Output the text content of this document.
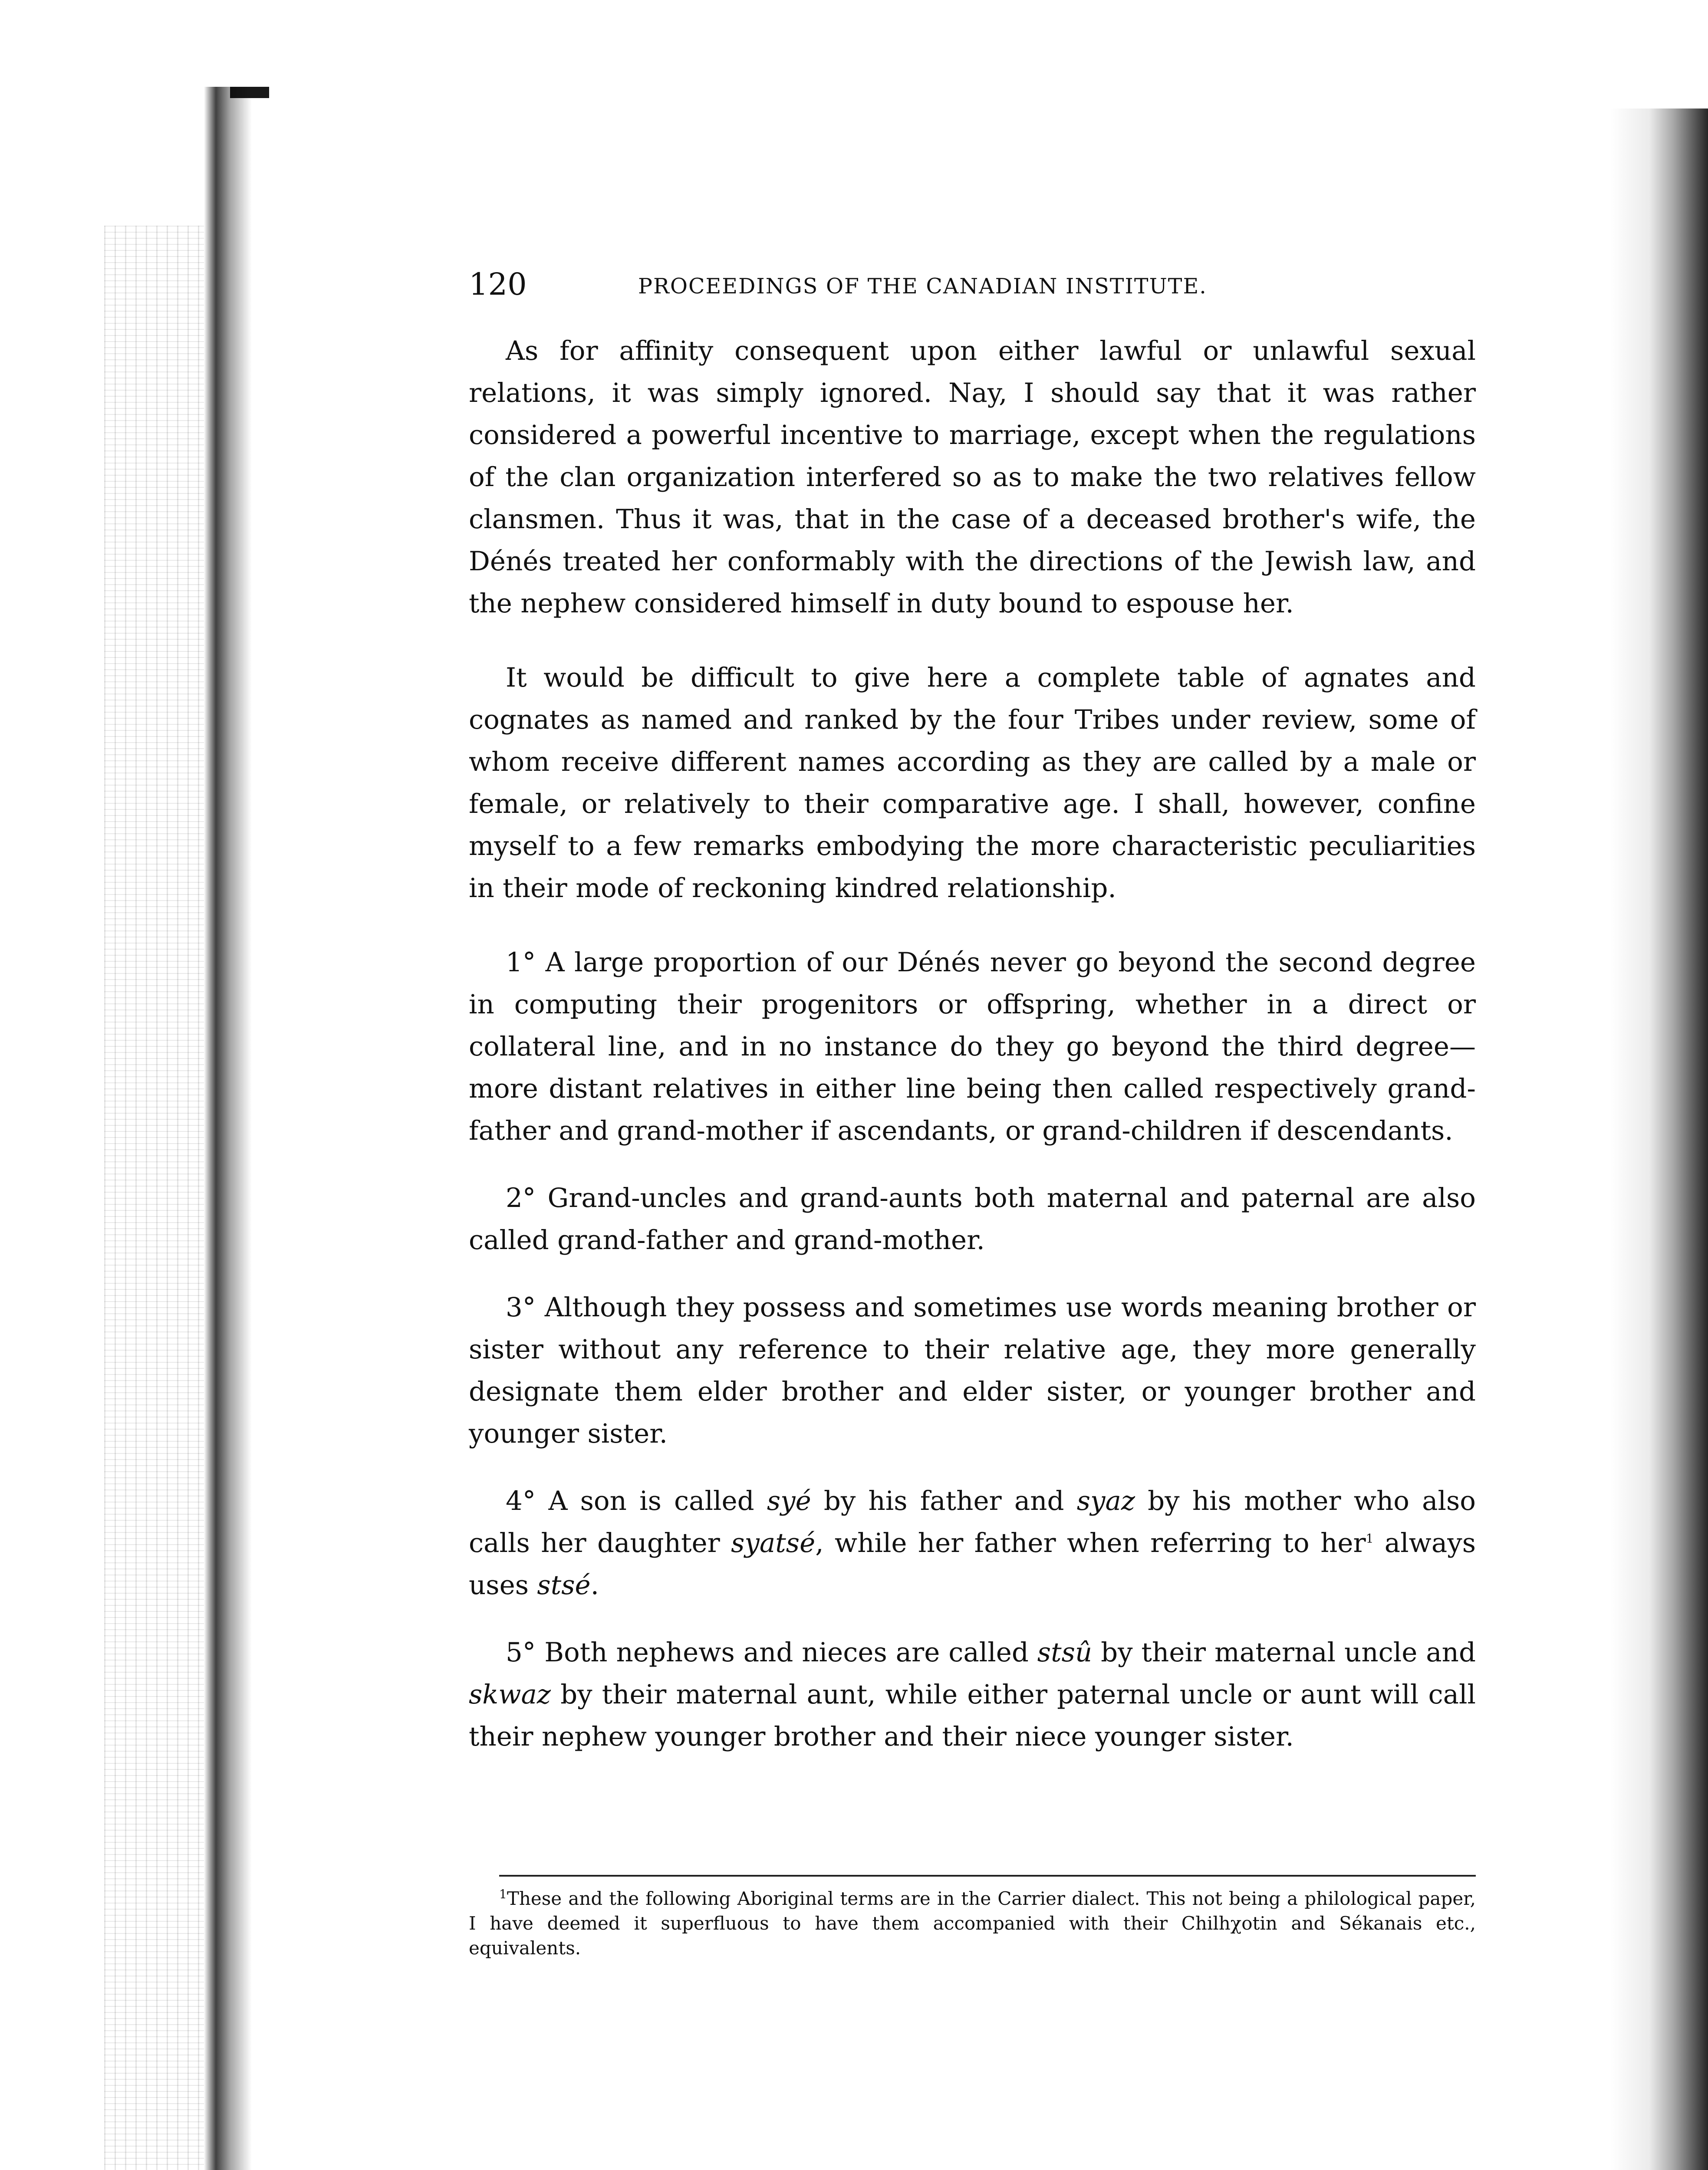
120	PROCEEDINGS OF THE CANADIAN INSTITUTE.

As for affinity consequent upon either lawful or unlawful sexual relations, it was simply ignored. Nay, I should say that it was rather considered a powerful incentive to marriage, except when the regulations of the clan organization interfered so as to make the two relatives fellow clansmen. Thus it was, that in the case of a deceased brother's wife, the Dénés treated her conformably with the directions of the Jewish law, and the nephew considered himself in duty bound to espouse her.

It would be difficult to give here a complete table of agnates and cognates as named and ranked by the four Tribes under review, some of whom receive different names according as they are called by a male or female, or relatively to their comparative age. I shall, however, confine myself to a few remarks embodying the more characteristic peculiarities in their mode of reckoning kindred relationship.

1° A large proportion of our Dénés never go beyond the second degree in computing their progenitors or offspring, whether in a direct or collateral line, and in no instance do they go beyond the third degree—more distant relatives in either line being then called respectively grand-father and grand-mother if ascendants, or grand-children if descendants.

2° Grand-uncles and grand-aunts both maternal and paternal are also called grand-father and grand-mother.

3° Although they possess and sometimes use words meaning brother or sister without any reference to their relative age, they more generally designate them elder brother and elder sister, or younger brother and younger sister.

4° A son is called syé by his father and syaz by his mother who also calls her daughter syatsé, while her father when referring to her$^1$ always uses stsé.

5° Both nephews and nieces are called stsû by their maternal uncle and skwaz by their maternal aunt, while either paternal uncle or aunt will call their nephew younger brother and their niece younger sister.

$^1$These and the following Aboriginal terms are in the Carrier dialect. This not being a philological paper, I have deemed it superfluous to have them accompanied with their Chilhχotin and Sékanais etc., equivalents.
